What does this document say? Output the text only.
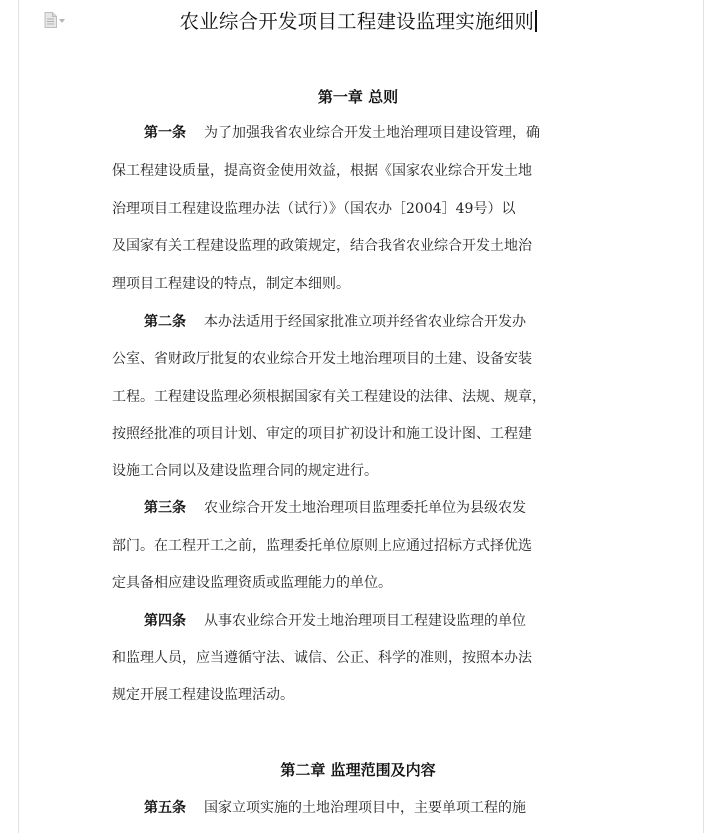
农业综合开发项目工程建设监理实施细则
第一章 总则
第一条 为了加强我省农业综合开发土地治理项目建设管理，确
保工程建设质量，提高资金使用效益，根据《国家农业综合开发土地
治理项目工程建设监理办法（试行）》（国农办［2004］49号）以
及国家有关工程建设监理的政策规定，结合我省农业综合开发土地治
理项目工程建设的特点，制定本细则。
第二条 本办法适用于经国家批准立项并经省农业综合开发办
公室、省财政厅批复的农业综合开发土地治理项目的土建、设备安装
工程。工程建设监理必须根据国家有关工程建设的法律、法规、规章，
按照经批准的项目计划、审定的项目扩初设计和施工设计图、工程建
设施工合同以及建设监理合同的规定进行。
第三条 农业综合开发土地治理项目监理委托单位为县级农发
部门。在工程开工之前，监理委托单位原则上应通过招标方式择优选
定具备相应建设监理资质或监理能力的单位。
第四条 从事农业综合开发土地治理项目工程建设监理的单位
和监理人员，应当遵循守法、诚信、公正、科学的准则，按照本办法
规定开展工程建设监理活动。
第二章 监理范围及内容
第五条 国家立项实施的土地治理项目中，主要单项工程的施
